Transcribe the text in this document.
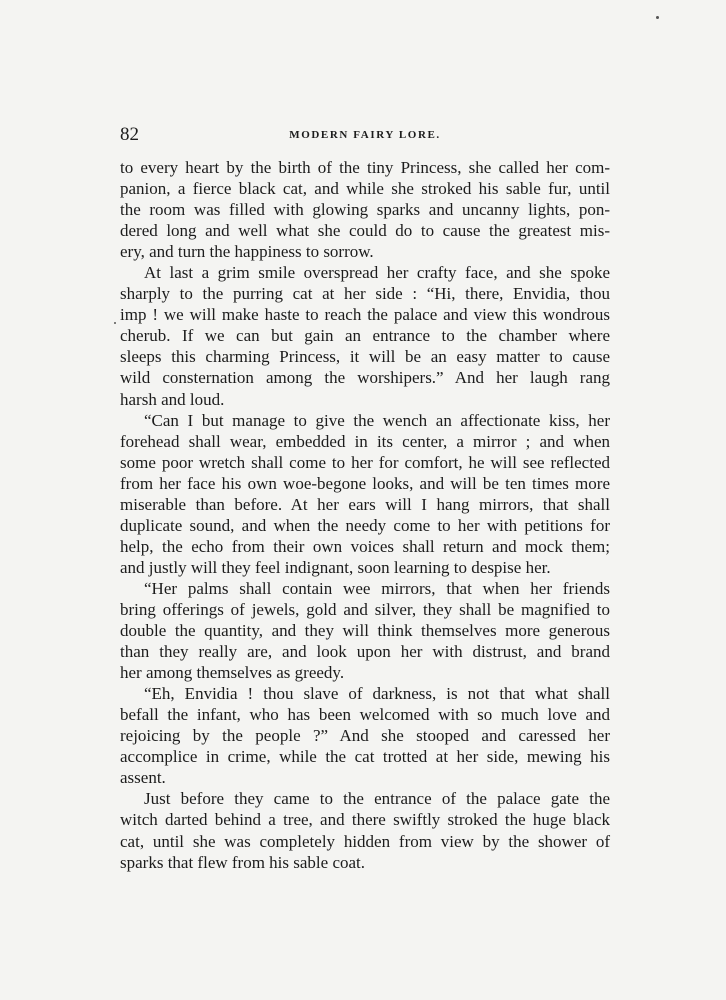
82	MODERN FAIRY LORE.
to every heart by the birth of the tiny Princess, she called her com-
panion, a fierce black cat, and while she stroked his sable fur, until
the room was filled with glowing sparks and uncanny lights, pon-
dered long and well what she could do to cause the greatest mis-
ery, and turn the happiness to sorrow.
At last a grim smile overspread her crafty face, and she spoke
sharply to the purring cat at her side : “Hi, there, Envidia, thou
imp ! we will make haste to reach the palace and view this wondrous
cherub. If we can but gain an entrance to the chamber where
sleeps this charming Princess, it will be an easy matter to cause
wild consternation among the worshipers.” And her laugh rang
harsh and loud.
“Can I but manage to give the wench an affectionate kiss, her
forehead shall wear, embedded in its center, a mirror ; and when
some poor wretch shall come to her for comfort, he will see reflected
from her face his own woe-begone looks, and will be ten times more
miserable than before. At her ears will I hang mirrors, that shall
duplicate sound, and when the needy come to her with petitions for
help, the echo from their own voices shall return and mock them;
and justly will they feel indignant, soon learning to despise her.
“Her palms shall contain wee mirrors, that when her friends
bring offerings of jewels, gold and silver, they shall be magnified to
double the quantity, and they will think themselves more generous
than they really are, and look upon her with distrust, and brand
her among themselves as greedy.
“Eh, Envidia ! thou slave of darkness, is not that what shall
befall the infant, who has been welcomed with so much love and
rejoicing by the people ?” And she stooped and caressed her
accomplice in crime, while the cat trotted at her side, mewing his
assent.
Just before they came to the entrance of the palace gate the
witch darted behind a tree, and there swiftly stroked the huge black
cat, until she was completely hidden from view by the shower of
sparks that flew from his sable coat.
